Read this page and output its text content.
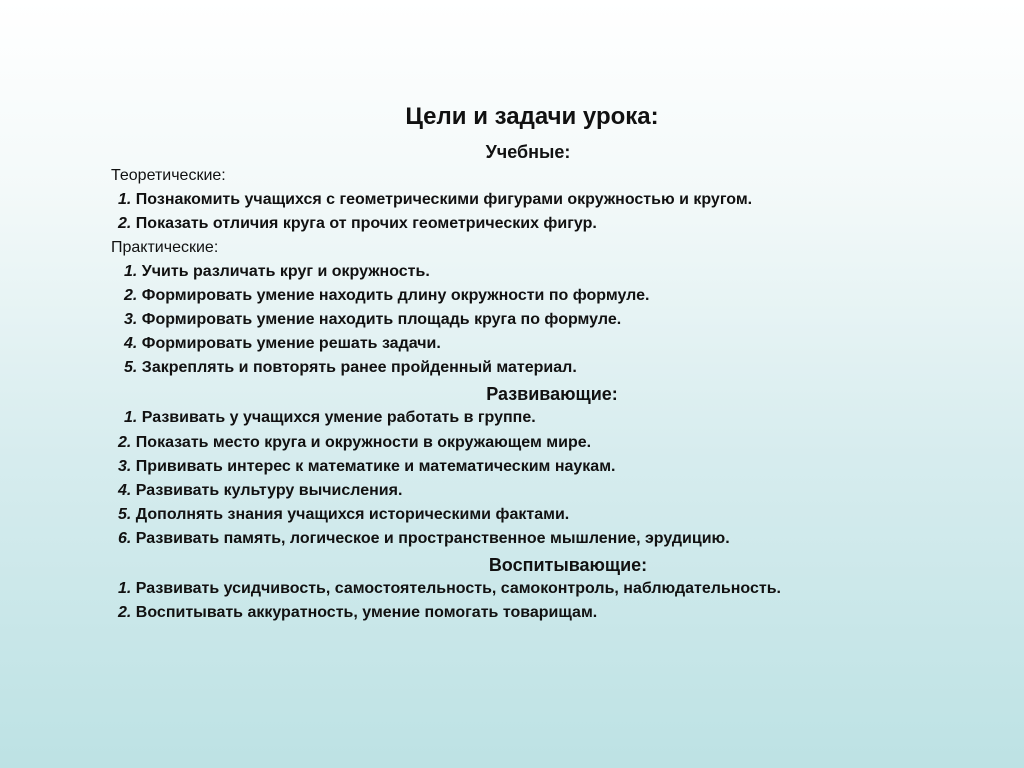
Цели и задачи урока:
Учебные:
Теоретические:
1. Познакомить учащихся с геометрическими фигурами окружностью и кругом.
2. Показать отличия круга от прочих геометрических фигур.
Практические:
1. Учить различать круг и окружность.
2. Формировать умение находить длину окружности по формуле.
3. Формировать умение находить площадь круга по формуле.
4. Формировать умение решать задачи.
5. Закреплять и повторять ранее пройденный материал.
Развивающие:
1. Развивать у учащихся умение работать в группе.
2. Показать место круга и окружности в окружающем мире.
3. Прививать интерес к математике и математическим наукам.
4. Развивать культуру вычисления.
5. Дополнять знания учащихся историческими фактами.
6. Развивать память, логическое и пространственное мышление, эрудицию.
Воспитывающие:
1. Развивать усидчивость, самостоятельность, самоконтроль, наблюдательность.
2. Воспитывать аккуратность, умение помогать товарищам.
